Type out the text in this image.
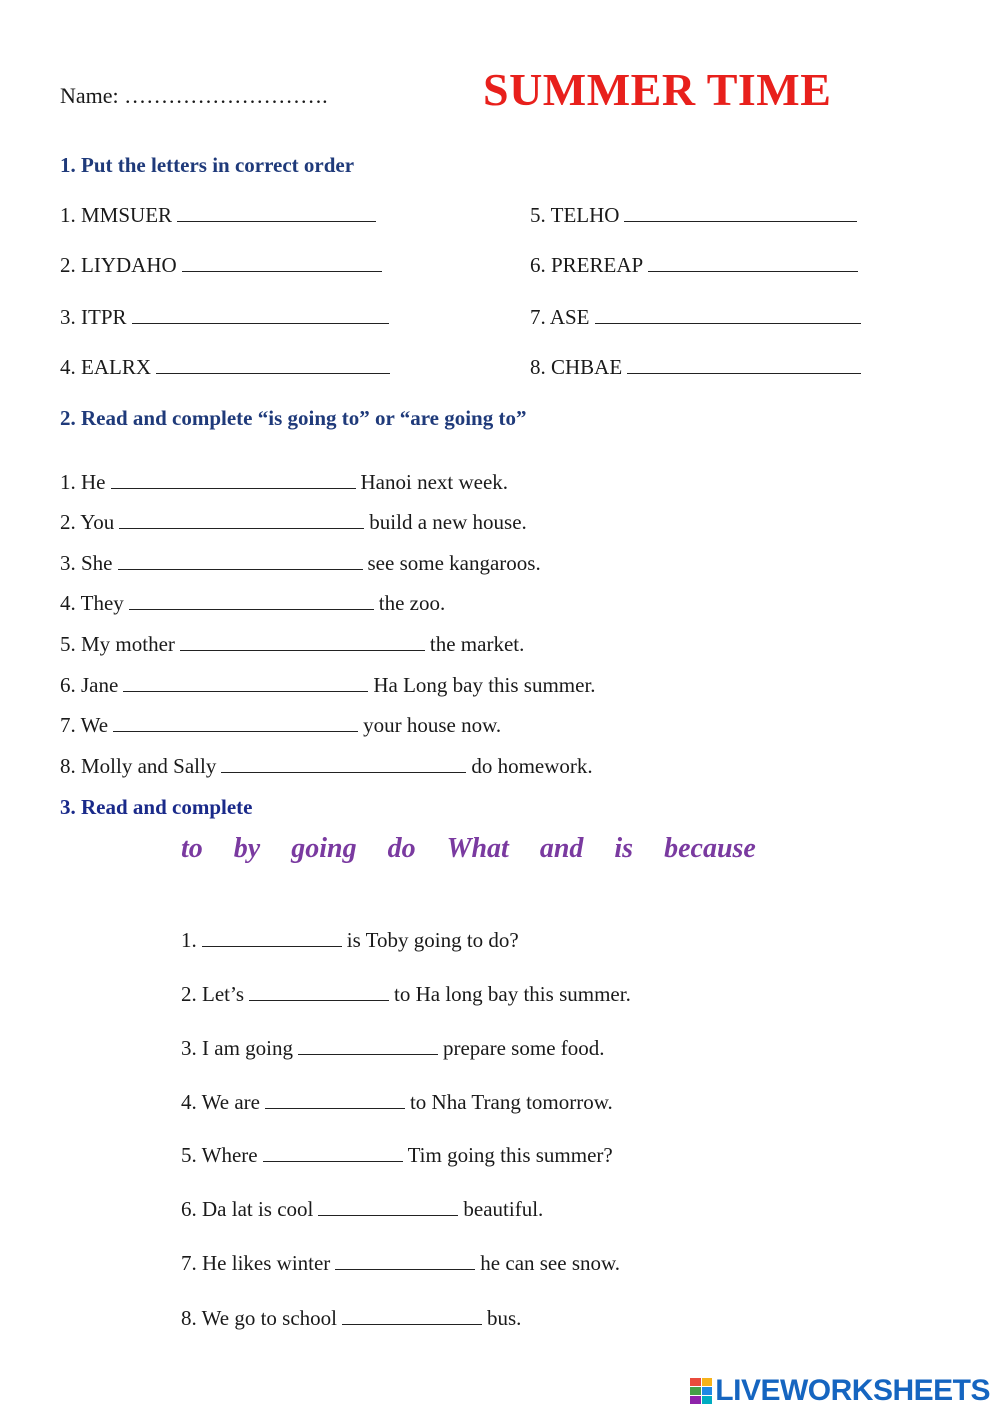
Name: ……………………….	SUMMER TIME
1. Put the letters in correct order
1. MMSUER
2. LIYDAHO
3. ITPR
4. EALRX
5. TELHO
6. PREREAP
7. ASE
8. CHBAE
2. Read and complete “is going to” or “are going to”
1. He	Hanoi next week.
2. You	build a new house.
3. She	see some kangaroos.
4. They	the zoo.
5. My mother	the market.
6. Jane	Ha Long bay this summer.
7. We	your house now.
8. Molly and Sally	do homework.
3. Read and complete
to by going do What and is because
1.	is Toby going to do?
2. Let’s	to Ha long bay this summer.
3. I am going	prepare some food.
4. We are	to Nha Trang tomorrow.
5. Where	Tim going this summer?
6. Da lat is cool	beautiful.
7. He likes winter	he can see snow.
8. We go to school	bus.
LIVEWORKSHEETS
